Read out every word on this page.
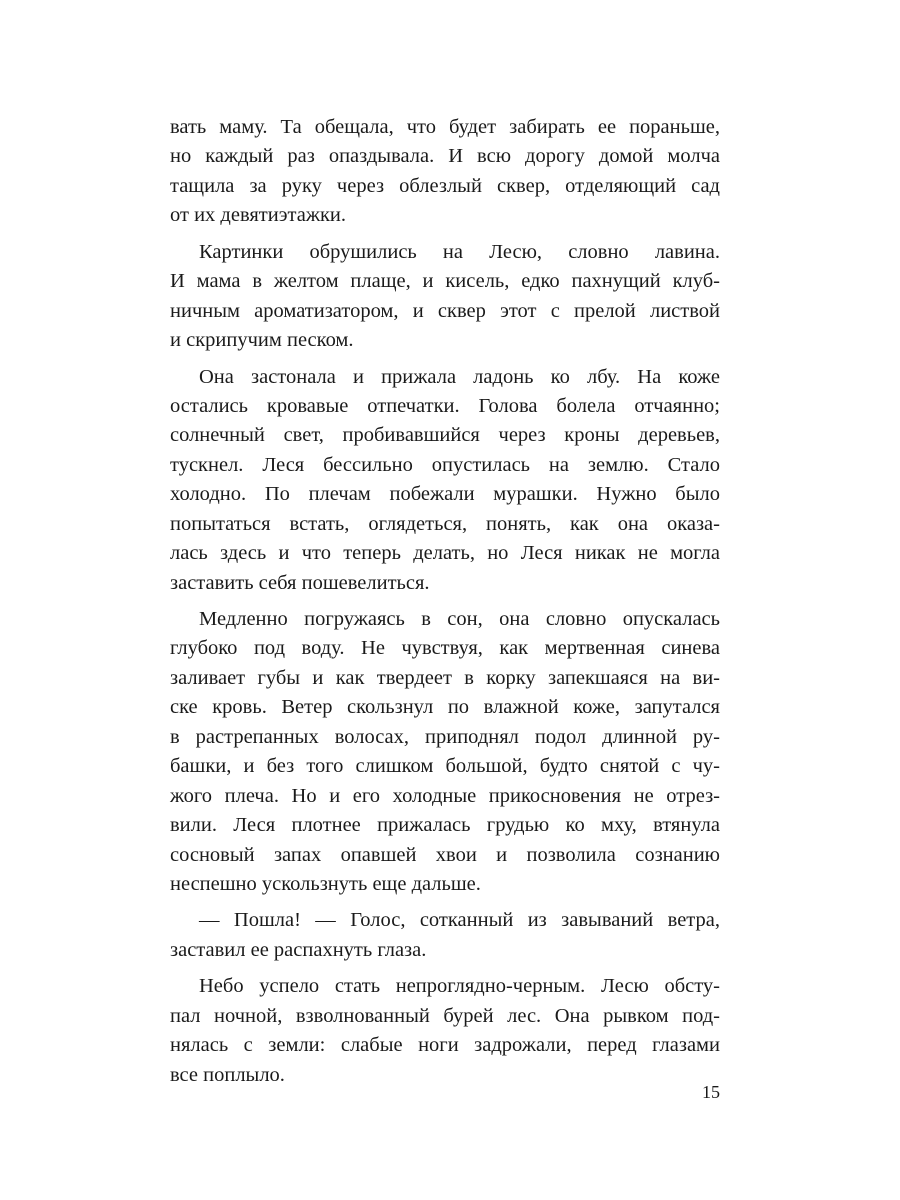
вать маму. Та обещала, что будет забирать ее пораньше,
но каждый раз опаздывала. И всю дорогу домой молча
тащила за руку через облезлый сквер, отделяющий сад
от их девятиэтажки.
Картинки обрушились на Лесю, словно лавина.
И мама в желтом плаще, и кисель, едко пахнущий клуб-
ничным ароматизатором, и сквер этот с прелой листвой
и скрипучим песком.
Она застонала и прижала ладонь ко лбу. На коже
остались кровавые отпечатки. Голова болела отчаянно;
солнечный свет, пробивавшийся через кроны деревьев,
тускнел. Леся бессильно опустилась на землю. Стало
холодно. По плечам побежали мурашки. Нужно было
попытаться встать, оглядеться, понять, как она оказа-
лась здесь и что теперь делать, но Леся никак не могла
заставить себя пошевелиться.
Медленно погружаясь в сон, она словно опускалась
глубоко под воду. Не чувствуя, как мертвенная синева
заливает губы и как твердеет в корку запекшаяся на ви-
ске кровь. Ветер скользнул по влажной коже, запутался
в растрепанных волосах, приподнял подол длинной ру-
башки, и без того слишком большой, будто снятой с чу-
жого плеча. Но и его холодные прикосновения не отрез-
вили. Леся плотнее прижалась грудью ко мху, втянула
сосновый запах опавшей хвои и позволила сознанию
неспешно ускользнуть еще дальше.
— Пошла! — Голос, сотканный из завываний ветра,
заставил ее распахнуть глаза.
Небо успело стать непроглядно-черным. Лесю обсту-
пал ночной, взволнованный бурей лес. Она рывком под-
нялась с земли: слабые ноги задрожали, перед глазами
все поплыло.
15
